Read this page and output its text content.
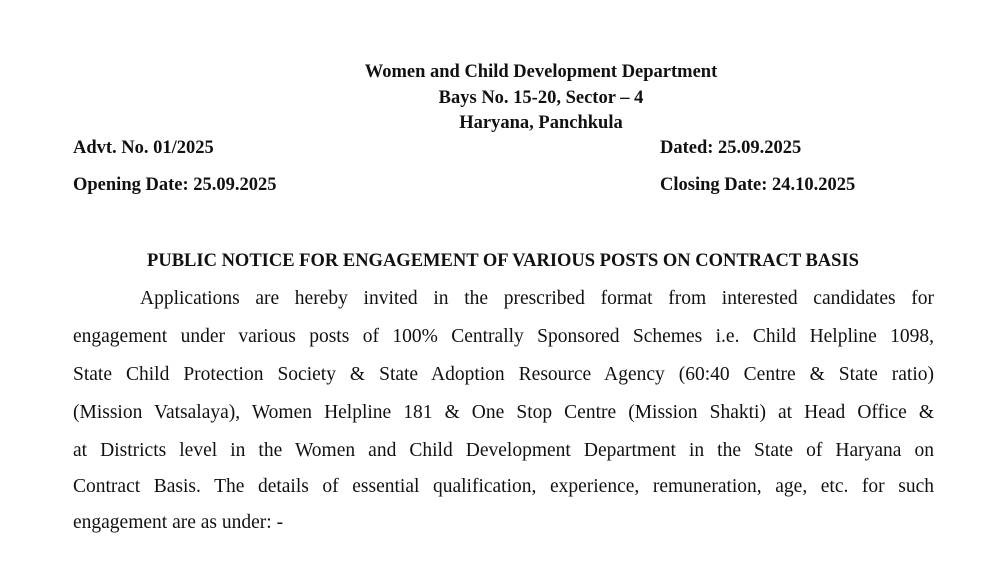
Women and Child Development Department
Bays No. 15-20, Sector – 4
Haryana, Panchkula
Advt. No. 01/2025	Dated: 25.09.2025
Opening Date: 25.09.2025	Closing Date: 24.10.2025
PUBLIC NOTICE FOR ENGAGEMENT OF VARIOUS POSTS ON CONTRACT BASIS
Applications are hereby invited in the prescribed format from interested candidates for
engagement under various posts of 100% Centrally Sponsored Schemes i.e. Child Helpline 1098,
State Child Protection Society & State Adoption Resource Agency (60:40 Centre & State ratio)
(Mission Vatsalaya), Women Helpline 181 & One Stop Centre (Mission Shakti) at Head Office &
at Districts level in the Women and Child Development Department in the State of Haryana on
Contract Basis. The details of essential qualification, experience, remuneration, age, etc. for such
engagement are as under: -
